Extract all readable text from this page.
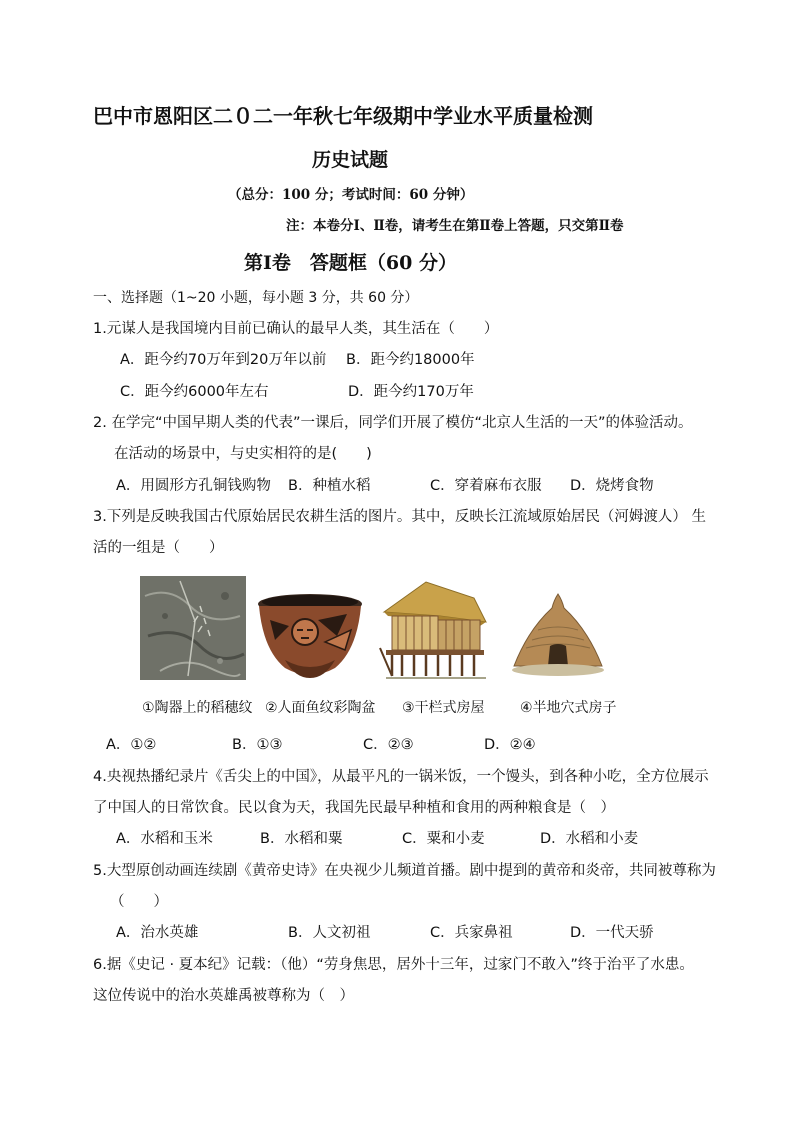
巴中市恩阳区二０二一年秋七年级期中学业水平质量检测
历史试题
（总分：100 分；考试时间：60 分钟）
注：本卷分Ⅰ、Ⅱ卷，请考生在第Ⅱ卷上答题，只交第Ⅱ卷
第Ⅰ卷　答题框（60 分）
一、选择题（1~20 小题，每小题 3 分，共 60 分）
1.元谋人是我国境内目前已确认的最早人类，其生活在（　　）
A．距今约70万年到20万年以前 B．距今约18000年
C．距今约6000年左右	D．距今约170万年
2. 在学完“中国早期人类的代表”一课后，同学们开展了模仿“北京人生活的一天”的体验活动。
在活动的场景中，与史实相符的是(　　)
A．用圆形方孔铜钱购物 B．种植水稻	C．穿着麻布衣服 D．烧烤食物
3.下列是反映我国古代原始居民农耕生活的图片。其中，反映长江流域原始居民（河姆渡人） 生
活的一组是（　　）
①陶器上的稻穗纹 ②人面鱼纹彩陶盆 ③干栏式房屋	④半地穴式房子
A．①②	B．①③	C．②③	D．②④
4.央视热播纪录片《舌尖上的中国》，从最平凡的一锅米饭，一个馒头，到各种小吃，全方位展示
了中国人的日常饮食。民以食为天，我国先民最早种植和食用的两种粮食是（　）
A．水稻和玉米	B．水稻和粟	C．粟和小麦	D．水稻和小麦
5.大型原创动画连续剧《黄帝史诗》在央视少儿频道首播。剧中提到的黄帝和炎帝，共同被尊称为
（　　）
A．治水英雄	B．人文初祖	C．兵家鼻祖	D．一代天骄
6.据《史记 · 夏本纪》记载：（他）“劳身焦思，居外十三年，过家门不敢入”终于治平了水患。
这位传说中的治水英雄禹被尊称为（　）
